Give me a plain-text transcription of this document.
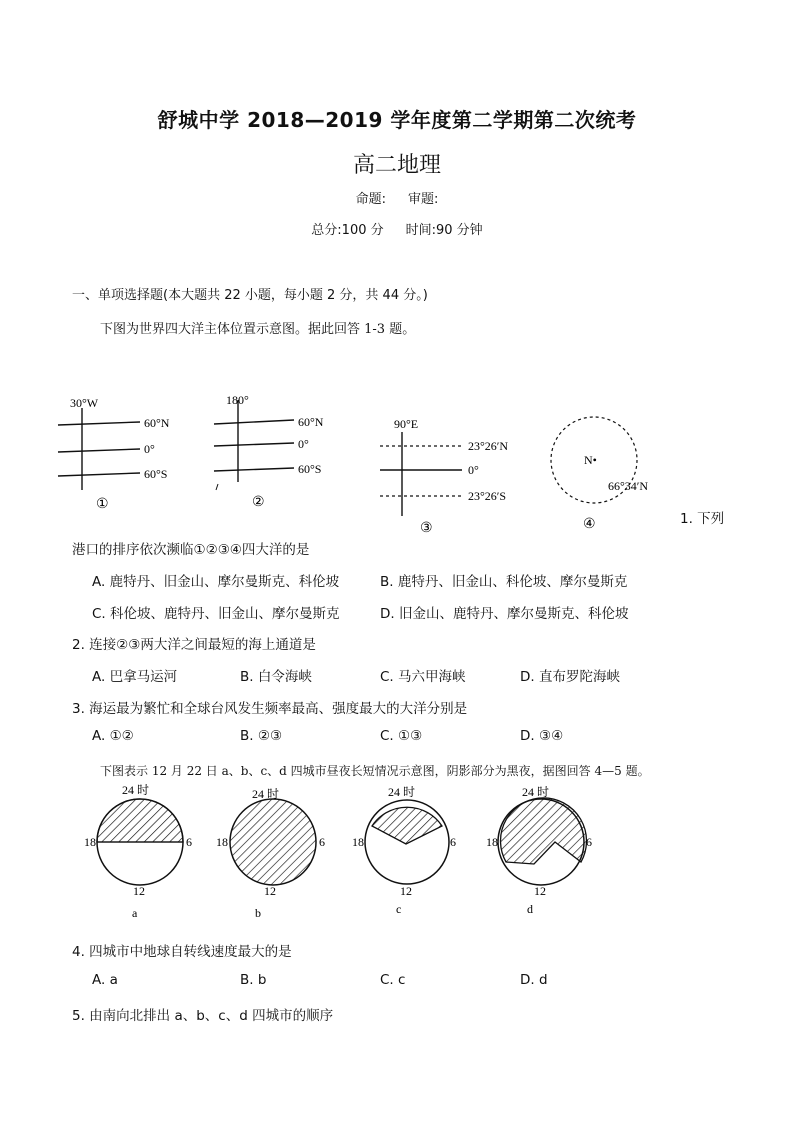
舒城中学 2018—2019 学年度第二学期第二次统考
高二地理
命题: 审题:
总分:100 分 时间:90 分钟
一、单项选择题(本大题共 22 小题，每小题 2 分，共 44 分。)
下图为世界四大洋主体位置示意图。据此回答 1-3 题。
30°W
60°N
0°
60°S
①
180°
60°N
0°
60°S
②
90°E
23°26′N
0°
23°26′S
③
N•
66°34′N
④	1. 下列
港口的排序依次濒临①②③④四大洋的是
A. 鹿特丹、旧金山、摩尔曼斯克、科伦坡	B. 鹿特丹、旧金山、科伦坡、摩尔曼斯克
C. 科伦坡、鹿特丹、旧金山、摩尔曼斯克	D. 旧金山、鹿特丹、摩尔曼斯克、科伦坡
2. 连接②③两大洋之间最短的海上通道是
A. 巴拿马运河	B. 白令海峡	C. 马六甲海峡	D. 直布罗陀海峡
3. 海运最为繁忙和全球台风发生频率最高、强度最大的大洋分别是
A. ①②	B. ②③	C. ①③	D. ③④
下图表示 12 月 22 日 a、b、c、d 四城市昼夜长短情况示意图，阴影部分为黑夜，据图回答 4—5 题。
24 时
18	6
12
a
24 时
18	6
12
b
24 时
18	6
12
c
24 时
18	6
12
d
4. 四城市中地球自转线速度最大的是
A. a	B. b	C. c	D. d
5. 由南向北排出 a、b、c、d 四城市的顺序
